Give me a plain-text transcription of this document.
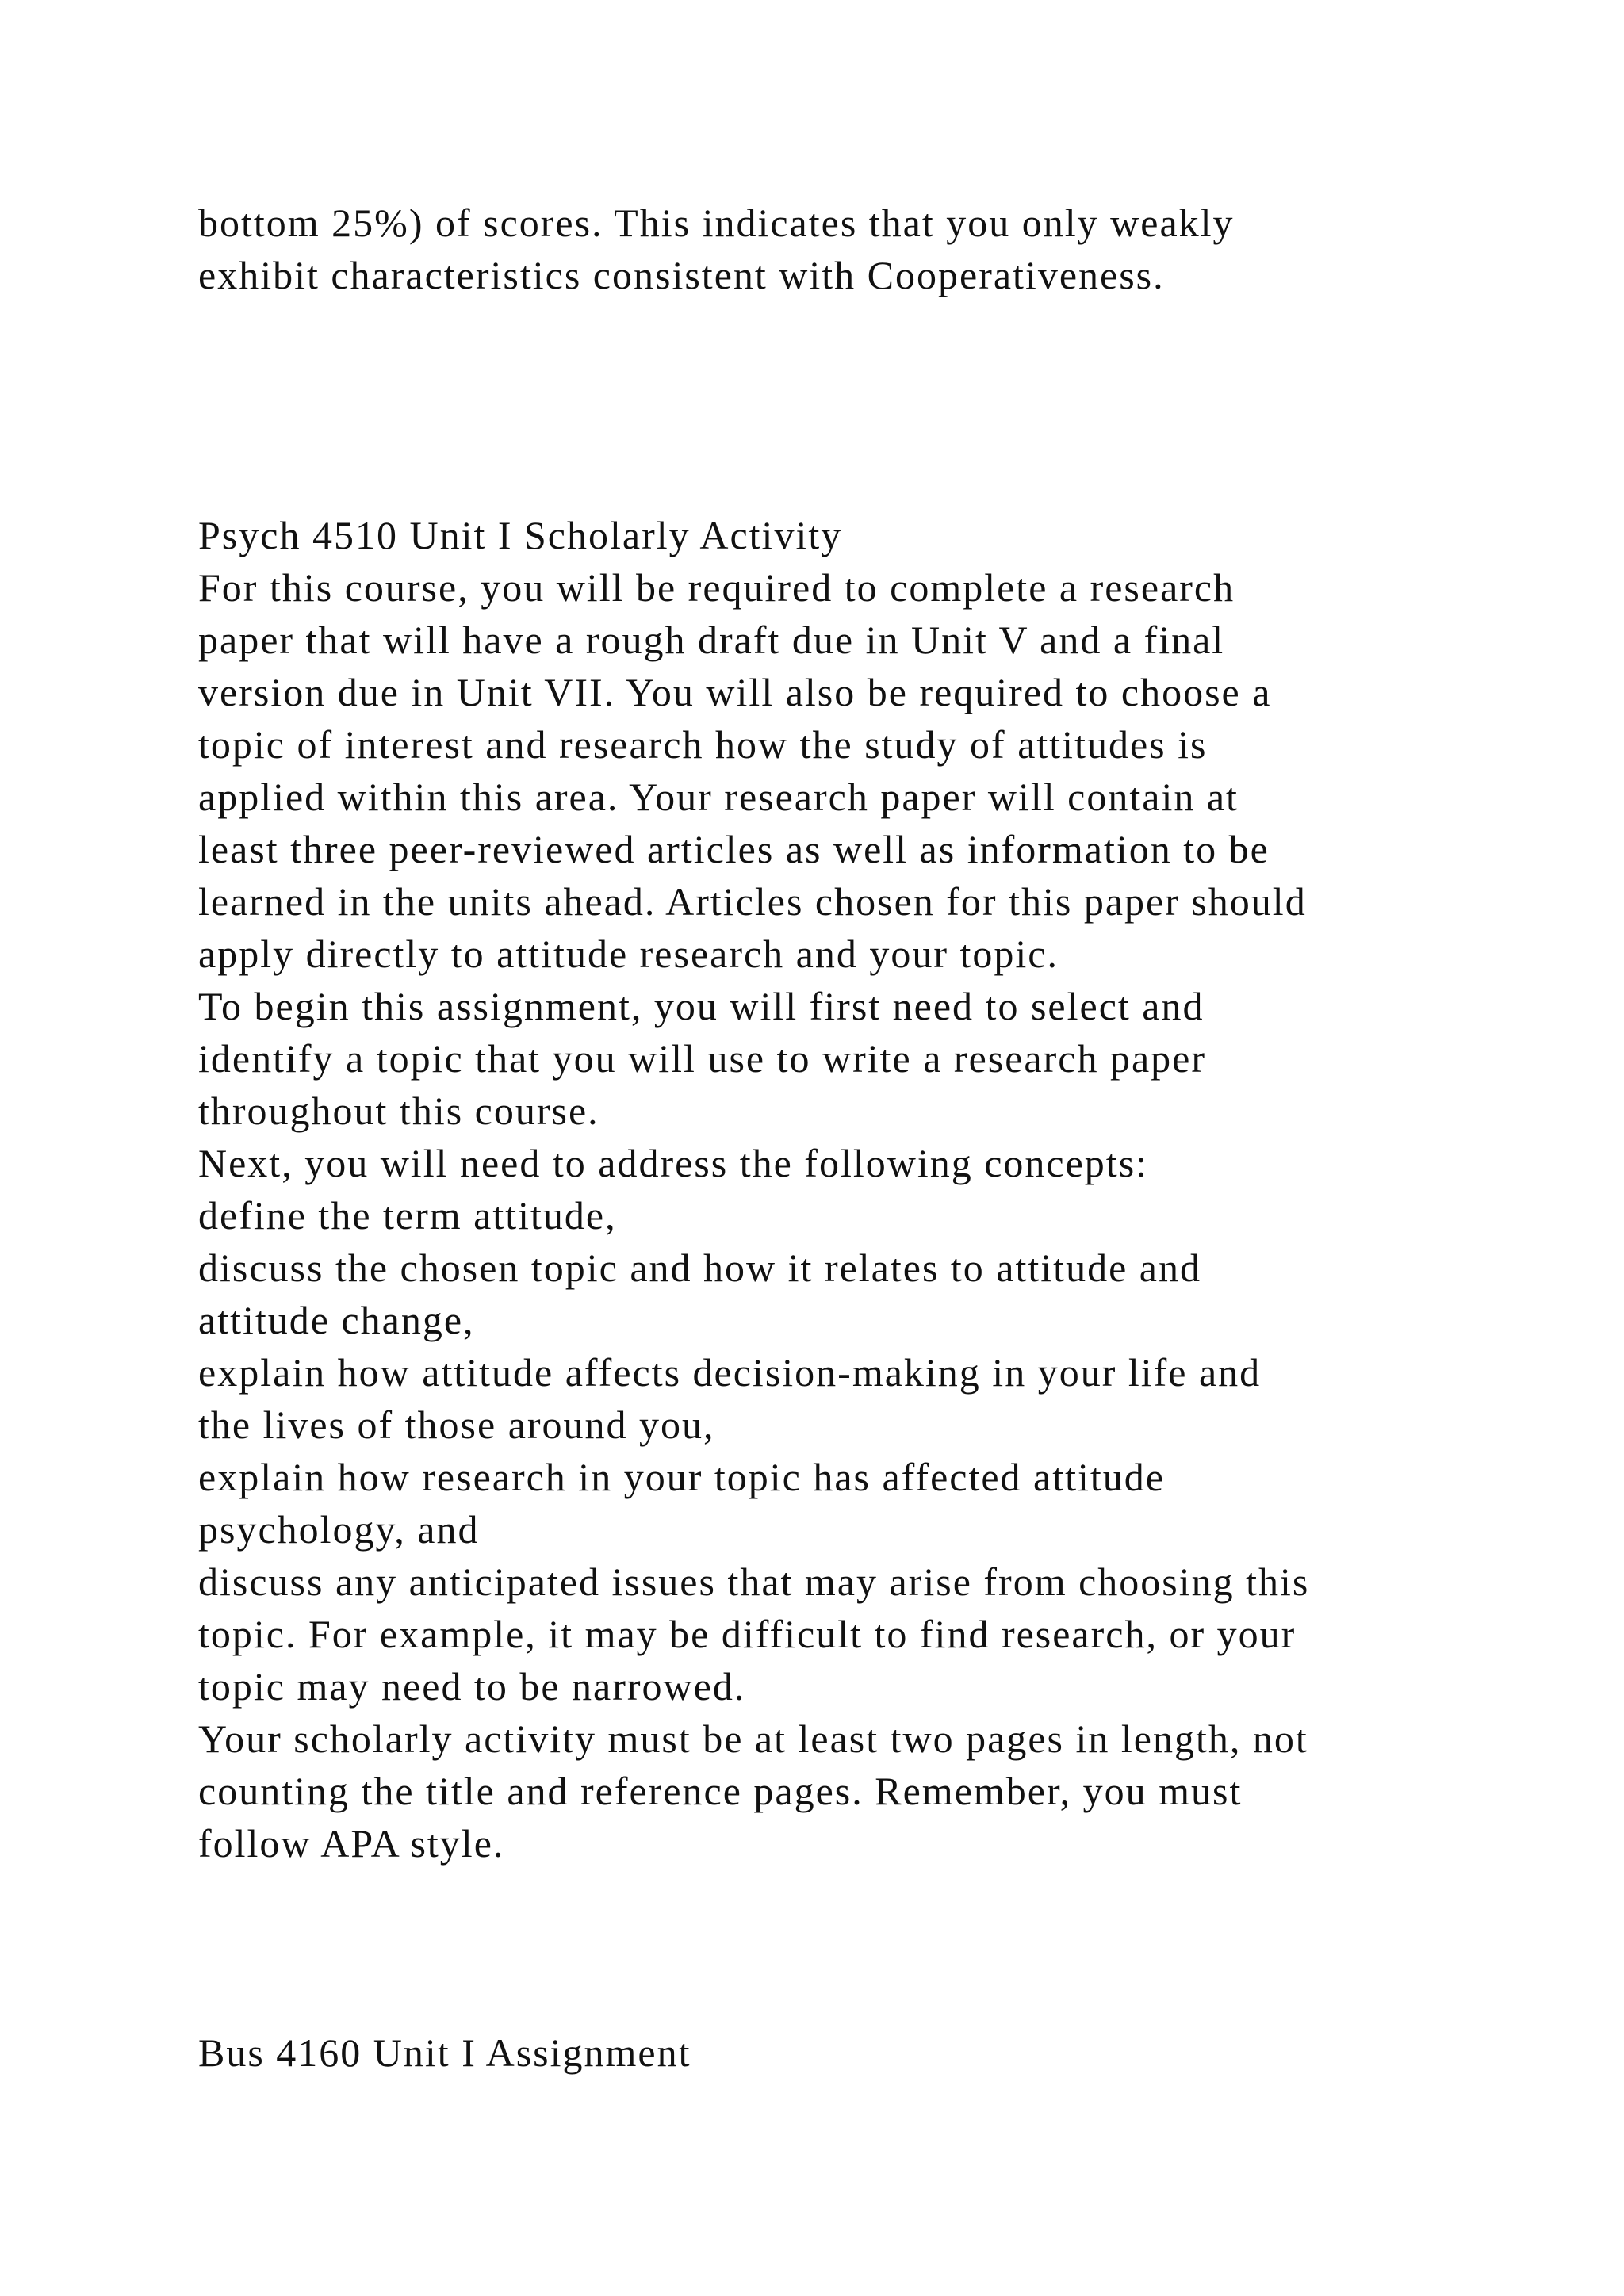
bottom 25%) of scores. This indicates that you only weakly
exhibit characteristics consistent with Cooperativeness.
Psych 4510 Unit I Scholarly Activity
For this course, you will be required to complete a research
paper that will have a rough draft due in Unit V and a final
version due in Unit VII. You will also be required to choose a
topic of interest and research how the study of attitudes is
applied within this area. Your research paper will contain at
least three peer-reviewed articles as well as information to be
learned in the units ahead. Articles chosen for this paper should
apply directly to attitude research and your topic.
To begin this assignment, you will first need to select and
identify a topic that you will use to write a research paper
throughout this course.
Next, you will need to address the following concepts:
define the term attitude,
discuss the chosen topic and how it relates to attitude and
attitude change,
explain how attitude affects decision-making in your life and
the lives of those around you,
explain how research in your topic has affected attitude
psychology, and
discuss any anticipated issues that may arise from choosing this
topic. For example, it may be difficult to find research, or your
topic may need to be narrowed.
Your scholarly activity must be at least two pages in length, not
counting the title and reference pages. Remember, you must
follow APA style.
Bus 4160 Unit I Assignment
